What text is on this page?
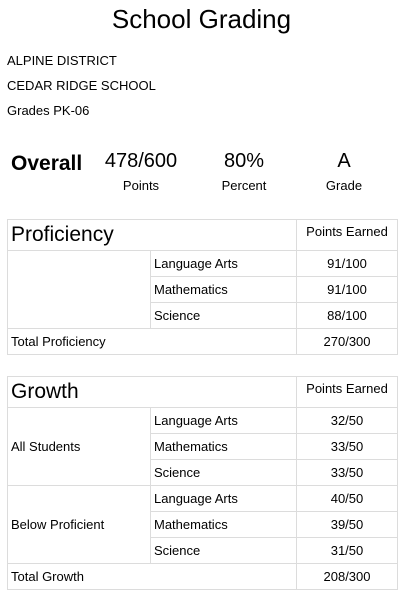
School Grading
ALPINE DISTRICT
CEDAR RIDGE SCHOOL
Grades PK-06
Overall	478/600
Points
80%
Percent
A
Grade
Proficiency		Points Earned
	Language Arts	91/100
	Mathematics	91/100
	Science	88/100
Total Proficiency		270/300
Growth		Points Earned
All Students	Language Arts	32/50
	Mathematics	33/50
	Science	33/50
Below Proficient	Language Arts	40/50
	Mathematics	39/50
	Science	31/50
Total Growth		208/300
